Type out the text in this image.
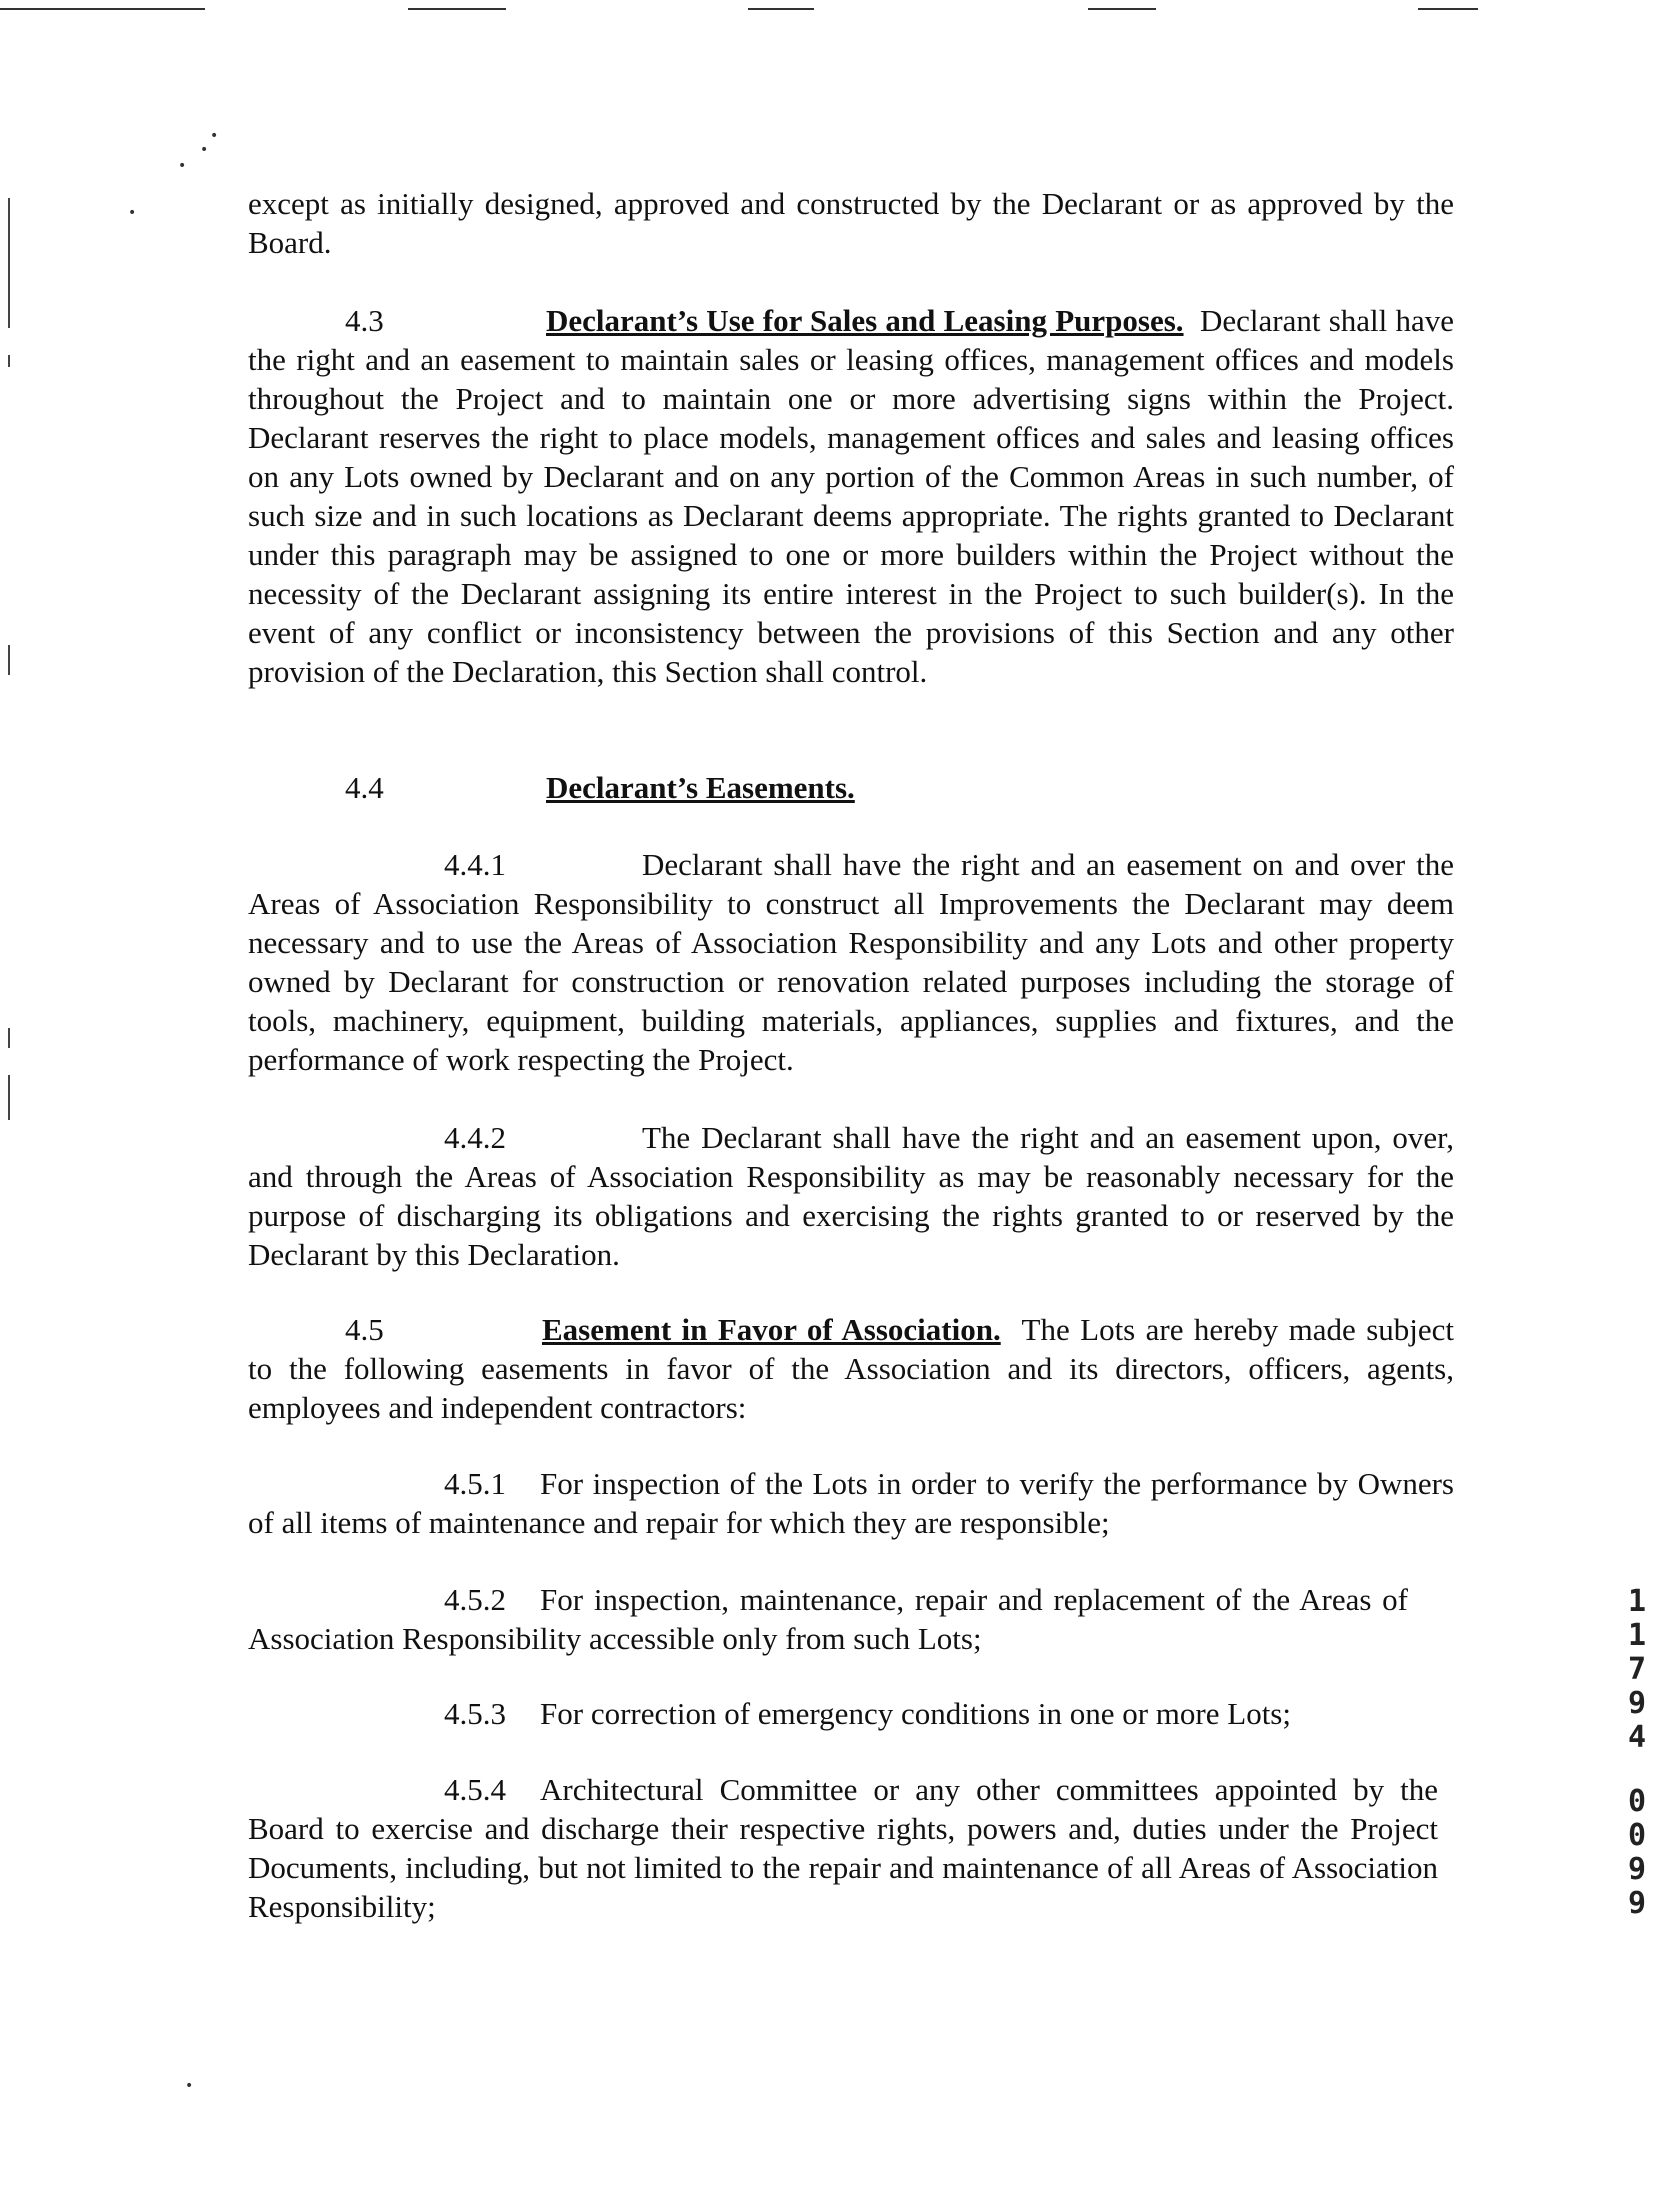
•
•
•
•
•

except as initially designed, approved and constructed by the Declarant or as approved by the Board.

4.3	Declarant’s Use for Sales and Leasing Purposes. Declarant shall have the right and an easement to maintain sales or leasing offices, management offices and models throughout the Project and to maintain one or more advertising signs within the Project. Declarant reserves the right to place models, management offices and sales and leasing offices on any Lots owned by Declarant and on any portion of the Common Areas in such number, of such size and in such locations as Declarant deems appropriate. The rights granted to Declarant under this paragraph may be assigned to one or more builders within the Project without the necessity of the Declarant assigning its entire interest in the Project to such builder(s). In the event of any conflict or inconsistency between the provisions of this Section and any other provision of the Declaration, this Section shall control.

4.4	Declarant’s Easements.

4.4.1	Declarant shall have the right and an easement on and over the Areas of Association Responsibility to construct all Improvements the Declarant may deem necessary and to use the Areas of Association Responsibility and any Lots and other property owned by Declarant for construction or renovation related purposes including the storage of tools, machinery, equipment, building materials, appliances, supplies and fixtures, and the performance of work respecting the Project.

4.4.2	The Declarant shall have the right and an easement upon, over, and through the Areas of Association Responsibility as may be reasonably necessary for the purpose of discharging its obligations and exercising the rights granted to or reserved by the Declarant by this Declaration.

4.5	Easement in Favor of Association. The Lots are hereby made subject to the following easements in favor of the Association and its directors, officers, agents, employees and independent contractors:

4.5.1 For inspection of the Lots in order to verify the performance by Owners of all items of maintenance and repair for which they are responsible;

4.5.2 For inspection, maintenance, repair and replacement of the Areas of Association Responsibility accessible only from such Lots;

4.5.3 For correction of emergency conditions in one or more Lots;

4.5.4 Architectural Committee or any other committees appointed by the Board to exercise and discharge their respective rights, powers and, duties under the Project Documents, including, but not limited to the repair and maintenance of all Areas of Association Responsibility;

1
1
7
9
4
0
0
9
9
